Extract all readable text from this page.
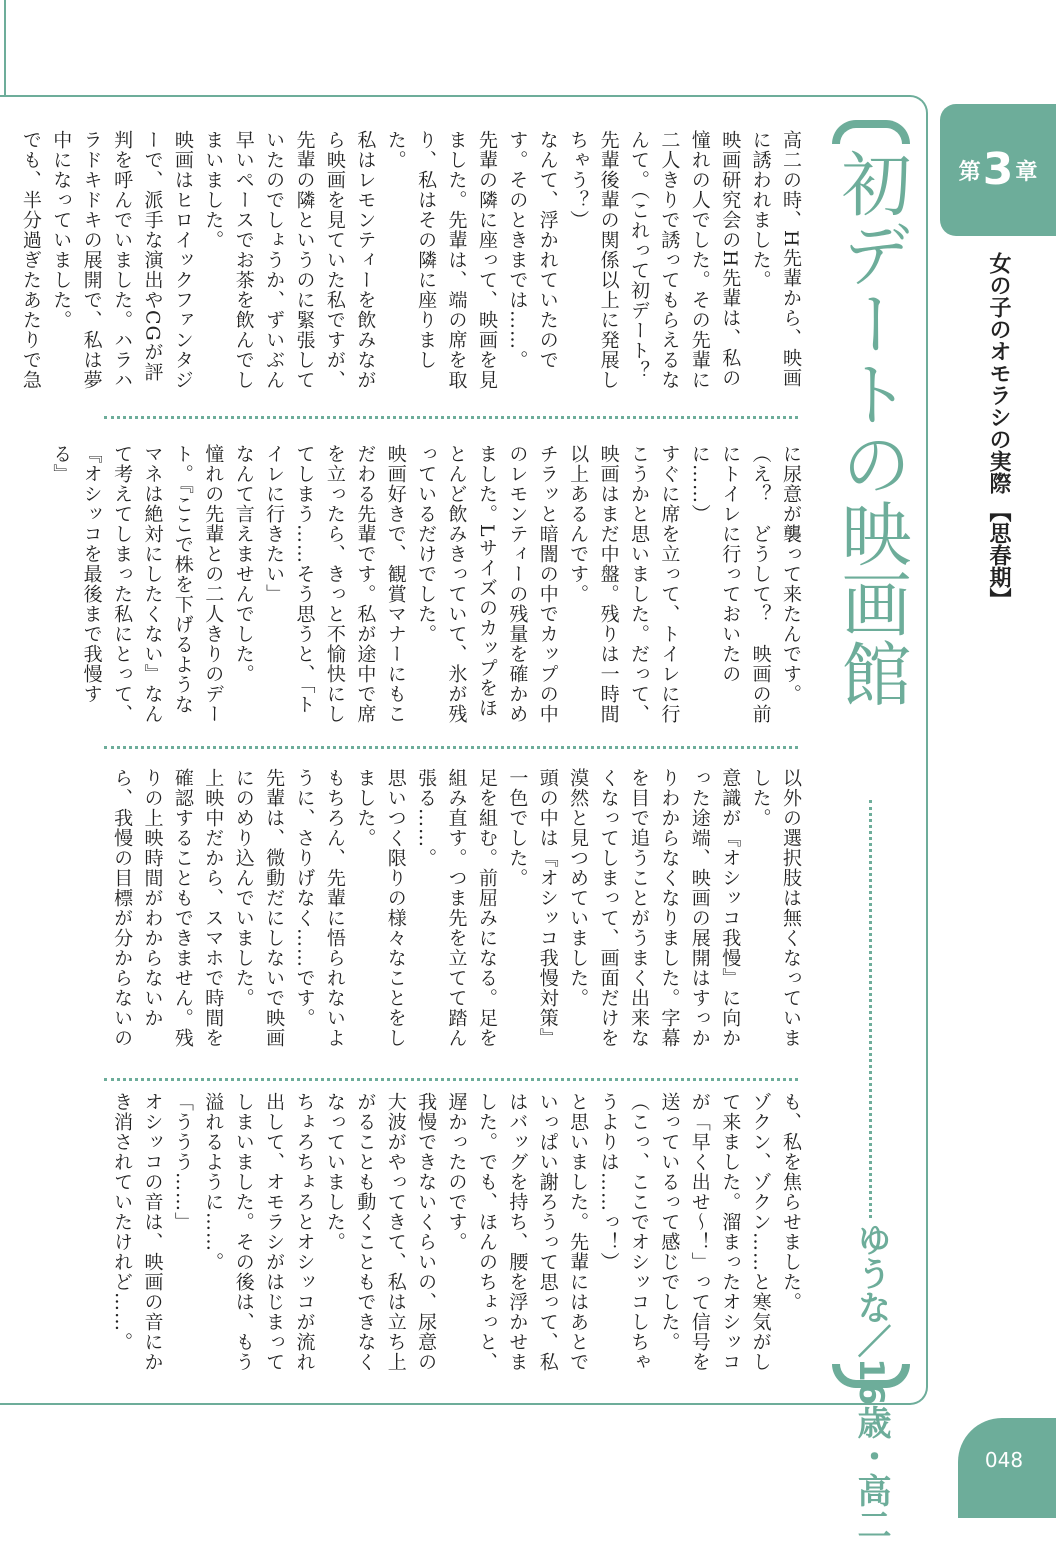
第 3 章
女の子のオモラシの実際【思春期】
初デートの映画館
ゆうな／16歳・高二

高二の時、H先輩から、映画に誘われました。

映画研究会のH先輩は、私の憧れの人でした。その先輩に二人きりで誘ってもらえるなんて。（これって初デート？　先輩後輩の関係以上に発展しちゃう？）

なんて、浮かれていたのです。そのときまでは……。

先輩の隣に座って、映画を見ました。先輩は、端の席を取り、私はその隣に座りました。

私はレモンティーを飲みながら映画を見ていた私ですが、先輩の隣というのに緊張していたのでしょうか、ずいぶん早いペースでお茶を飲んでしまいました。

映画はヒロイックファンタジーで、派手な演出やCGが評判を呼んでいました。ハラハラドキドキの展開で、私は夢中になっていました。

でも、半分過ぎたあたりで急

に尿意が襲って来たんです。

（え？　どうして？　映画の前にトイレに行っておいたのに……）

すぐに席を立って、トイレに行こうかと思いました。だって、映画はまだ中盤。残りは一時間以上あるんです。

チラッと暗闇の中でカップの中のレモンティーの残量を確かめました。Lサイズのカップをほとんど飲みきっていて、氷が残っているだけでした。

映画好きで、観賞マナーにもこだわる先輩です。私が途中で席を立ったら、きっと不愉快にしてしまう……そう思うと、「トイレに行きたい」

なんて言えませんでした。

憧れの先輩との二人きりのデート。『ここで株を下げるようなマネは絶対にしたくない』なんて考えてしまった私にとって、『オシッコを最後まで我慢する』

以外の選択肢は無くなっていました。

意識が『オシッコ我慢』に向かった途端、映画の展開はすっかりわからなくなりました。字幕を目で追うことがうまく出来なくなってしまって、画面だけを漠然と見つめていました。

頭の中は『オシッコ我慢対策』一色でした。

足を組む。前屈みになる。足を組み直す。つま先を立てて踏ん張る……。

思いつく限りの様々なことをしました。

もちろん、先輩に悟られないように、さりげなく……です。

先輩は、微動だにしないで映画にのめり込んでいました。

上映中だから、スマホで時間を確認することもできません。残りの上映時間がわからないから、我慢の目標が分からないの

も、私を焦らせました。

ゾクン、ゾクン……と寒気がして来ました。溜まったオシッコが「早く出せ〜！」って信号を送っているって感じでした。

（こっ、ここでオシッコしちゃうよりは……っ！）

と思いました。先輩にはあとでいっぱい謝ろうって思って、私はバッグを持ち、腰を浮かせました。でも、ほんのちょっと、遅かったのです。

我慢できないくらいの、尿意の大波がやってきて、私は立ち上がることも動くこともできなくなっていました。

ちょろちょろとオシッコが流れ出して、オモラシがはじまってしまいました。その後は、もう溢れるように……。

「ううう……」

オシッコの音は、映画の音にかき消されていたけれど……。

048
